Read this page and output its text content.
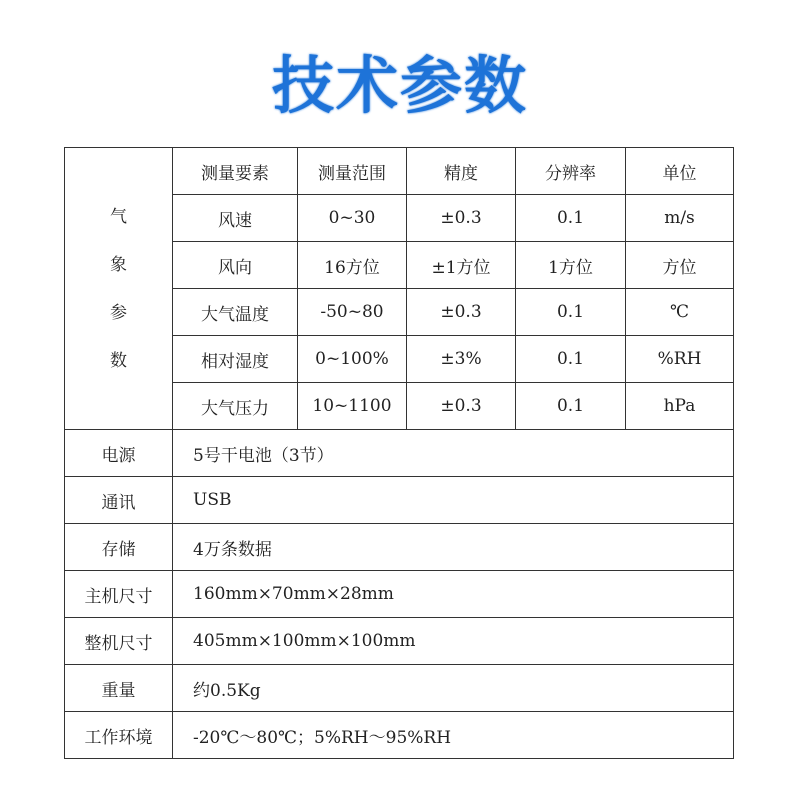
技术参数
气
象
参
数	测量要素	测量范围	精度	分辨率	单位
	风速	0~30	±0.3	0.1	m/s
	风向	16方位	±1方位	1方位	方位
	大气温度	-50~80	±0.3	0.1	℃
	相对湿度	0~100%	±3%	0.1	%RH
	大气压力	10~1100	±0.3	0.1	hPa
电源	5号干电池（3节）				
通讯	USB				
存储	4万条数据				
主机尺寸	160mm×70mm×28mm				
整机尺寸	405mm×100mm×100mm				
重量	约0.5Kg				
工作环境	-20℃～80℃；5%RH～95%RH				
